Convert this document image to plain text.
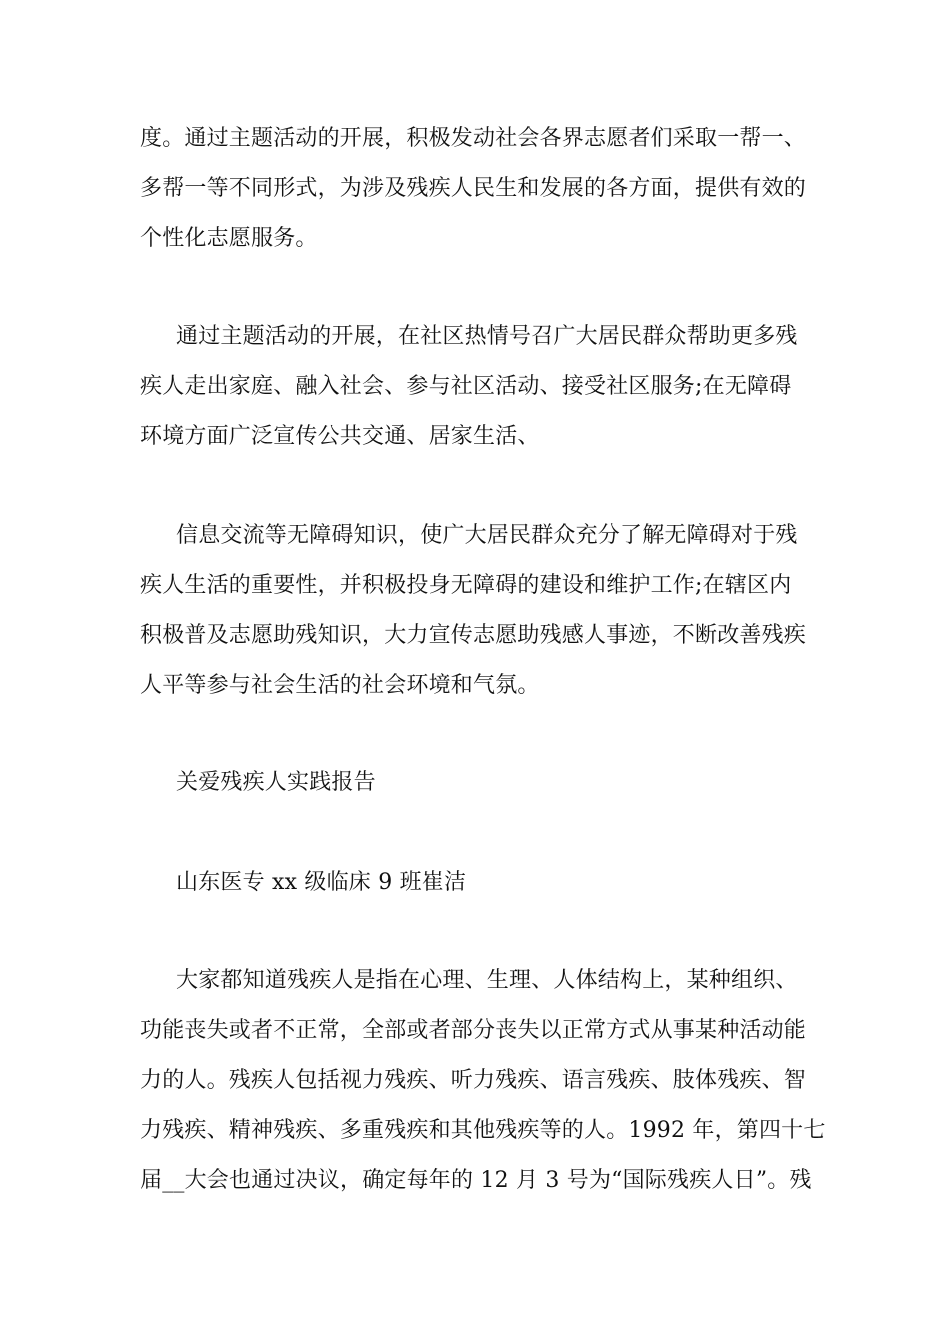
度。通过主题活动的开展，积极发动社会各界志愿者们采取一帮一、
多帮一等不同形式，为涉及残疾人民生和发展的各方面，提供有效的
个性化志愿服务。
通过主题活动的开展，在社区热情号召广大居民群众帮助更多残
疾人走出家庭、融入社会、参与社区活动、接受社区服务;在无障碍
环境方面广泛宣传公共交通、居家生活、
信息交流等无障碍知识，使广大居民群众充分了解无障碍对于残
疾人生活的重要性，并积极投身无障碍的建设和维护工作;在辖区内
积极普及志愿助残知识，大力宣传志愿助残感人事迹，不断改善残疾
人平等参与社会生活的社会环境和气氛。
关爱残疾人实践报告
山东医专 xx 级临床 9 班崔洁
大家都知道残疾人是指在心理、生理、人体结构上，某种组织、
功能丧失或者不正常，全部或者部分丧失以正常方式从事某种活动能
力的人。残疾人包括视力残疾、听力残疾、语言残疾、肢体残疾、智
力残疾、精神残疾、多重残疾和其他残疾等的人。1992 年，第四十七
届__大会也通过决议，确定每年的 12 月 3 号为“国际残疾人日”。残
